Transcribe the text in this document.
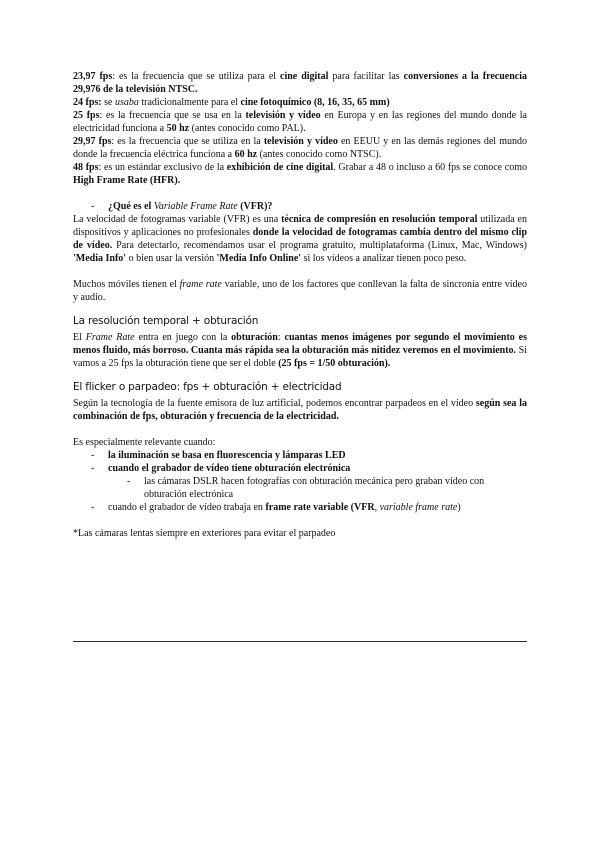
23,97 fps: es la frecuencia que se utiliza para el cine digital para facilitar las conversiones a la frecuencia 29,976 de la televisión NTSC.

24 fps: se usaba tradicionalmente para el cine fotoquímico (8, 16, 35, 65 mm)

25 fps: es la frecuencia que se usa en la televisión y vídeo en Europa y en las regiones del mundo donde la electricidad funciona a 50 hz (antes conocido como PAL).

29,97 fps: es la frecuencia que se utiliza en la televisión y vídeo en EEUU y en las demás regiones del mundo donde la frecuencia eléctrica funciona a 60 hz (antes conocido como NTSC).

48 fps: es un estándar exclusivo de la exhibición de cine digital. Grabar a 48 o incluso a 60 fps se conoce como High Frame Rate (HFR).

- ¿Qué es el Variable Frame Rate (VFR)?

La velocidad de fotogramas variable (VFR) es una técnica de compresión en resolución temporal utilizada en dispositivos y aplicaciones no profesionales donde la velocidad de fotogramas cambia dentro del mismo clip de vídeo. Para detectarlo, recomendamos usar el programa gratuito, multiplataforma (Linux, Mac, Windows) 'Media Info' o bien usar la versión 'Media Info Online' si los vídeos a analizar tienen poco peso.

Muchos móviles tienen el frame rate variable, uno de los factores que conllevan la falta de sincronía entre vídeo y audio.

La resolución temporal + obturación

El Frame Rate entra en juego con la obturación: cuantas menos imágenes por segundo el movimiento es menos fluido, más borroso. Cuanta más rápida sea la obturación más nitidez veremos en el movimiento. Si vamos a 25 fps la obturación tiene que ser el doble (25 fps = 1/50 obturación).

El flicker o parpadeo: fps + obturación + electricidad

Según la tecnología de la fuente emisora de luz artificial, podemos encontrar parpadeos en el vídeo según sea la combinación de fps, obturación y frecuencia de la electricidad.

Es especialmente relevante cuando:

- la iluminación se basa en fluorescencia y lámparas LED
- cuando el grabador de vídeo tiene obturación electrónica
- las cámaras DSLR hacen fotografías con obturación mecánica pero graban vídeo con obturación electrónica
- cuando el grabador de vídeo trabaja en frame rate variable (VFR, variable frame rate)

*Las cámaras lentas siempre en exteriores para evitar el parpadeo
